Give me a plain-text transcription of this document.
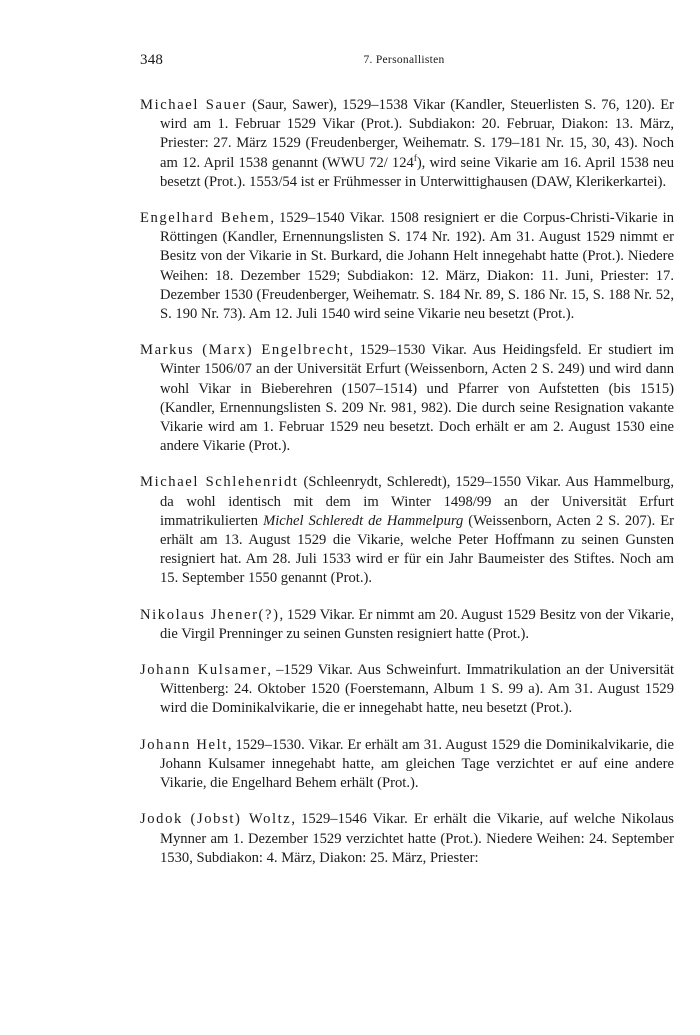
348	7. Personallisten

Michael Sauer (Saur, Sawer), 1529–1538 Vikar (Kandler, Steuerlisten S. 76, 120). Er wird am 1. Februar 1529 Vikar (Prot.). Subdiakon: 20. Februar, Diakon: 13. März, Priester: 27. März 1529 (Freudenberger, Weihematr. S. 179–181 Nr. 15, 30, 43). Noch am 12. April 1538 genannt (WWU 72/ 124$^f$), wird seine Vikarie am 16. April 1538 neu besetzt (Prot.). 1553/54 ist er Frühmesser in Unterwittighausen (DAW, Klerikerkartei).

Engelhard Behem, 1529–1540 Vikar. 1508 resigniert er die Corpus-Christi-Vikarie in Röttingen (Kandler, Ernennungslisten S. 174 Nr. 192). Am 31. August 1529 nimmt er Besitz von der Vikarie in St. Burkard, die Johann Helt innegehabt hatte (Prot.). Niedere Weihen: 18. Dezember 1529; Subdiakon: 12. März, Diakon: 11. Juni, Priester: 17. Dezember 1530 (Freudenberger, Weihematr. S. 184 Nr. 89, S. 186 Nr. 15, S. 188 Nr. 52, S. 190 Nr. 73). Am 12. Juli 1540 wird seine Vikarie neu besetzt (Prot.).

Markus (Marx) Engelbrecht, 1529–1530 Vikar. Aus Heidingsfeld. Er studiert im Winter 1506/07 an der Universität Erfurt (Weissenborn, Acten 2 S. 249) und wird dann wohl Vikar in Bieberehren (1507–1514) und Pfarrer von Aufstetten (bis 1515) (Kandler, Ernennungslisten S. 209 Nr. 981, 982). Die durch seine Resignation vakante Vikarie wird am 1. Februar 1529 neu besetzt. Doch erhält er am 2. August 1530 eine andere Vikarie (Prot.).

Michael Schlehenridt (Schleenrydt, Schleredt), 1529–1550 Vikar. Aus Hammelburg, da wohl identisch mit dem im Winter 1498/99 an der Universität Erfurt immatrikulierten Michel Schleredt de Hammelpurg (Weissenborn, Acten 2 S. 207). Er erhält am 13. August 1529 die Vikarie, welche Peter Hoffmann zu seinen Gunsten resigniert hat. Am 28. Juli 1533 wird er für ein Jahr Baumeister des Stiftes. Noch am 15. September 1550 genannt (Prot.).

Nikolaus Jhener(?), 1529 Vikar. Er nimmt am 20. August 1529 Besitz von der Vikarie, die Virgil Prenninger zu seinen Gunsten resigniert hatte (Prot.).

Johann Kulsamer, –1529 Vikar. Aus Schweinfurt. Immatrikulation an der Universität Wittenberg: 24. Oktober 1520 (Foerstemann, Album 1 S. 99 a). Am 31. August 1529 wird die Dominikalvikarie, die er innegehabt hatte, neu besetzt (Prot.).

Johann Helt, 1529–1530. Vikar. Er erhält am 31. August 1529 die Dominikalvikarie, die Johann Kulsamer innegehabt hatte, am gleichen Tage verzichtet er auf eine andere Vikarie, die Engelhard Behem erhält (Prot.).

Jodok (Jobst) Woltz, 1529–1546 Vikar. Er erhält die Vikarie, auf welche Nikolaus Mynner am 1. Dezember 1529 verzichtet hatte (Prot.). Niedere Weihen: 24. September 1530, Subdiakon: 4. März, Diakon: 25. März, Priester:
